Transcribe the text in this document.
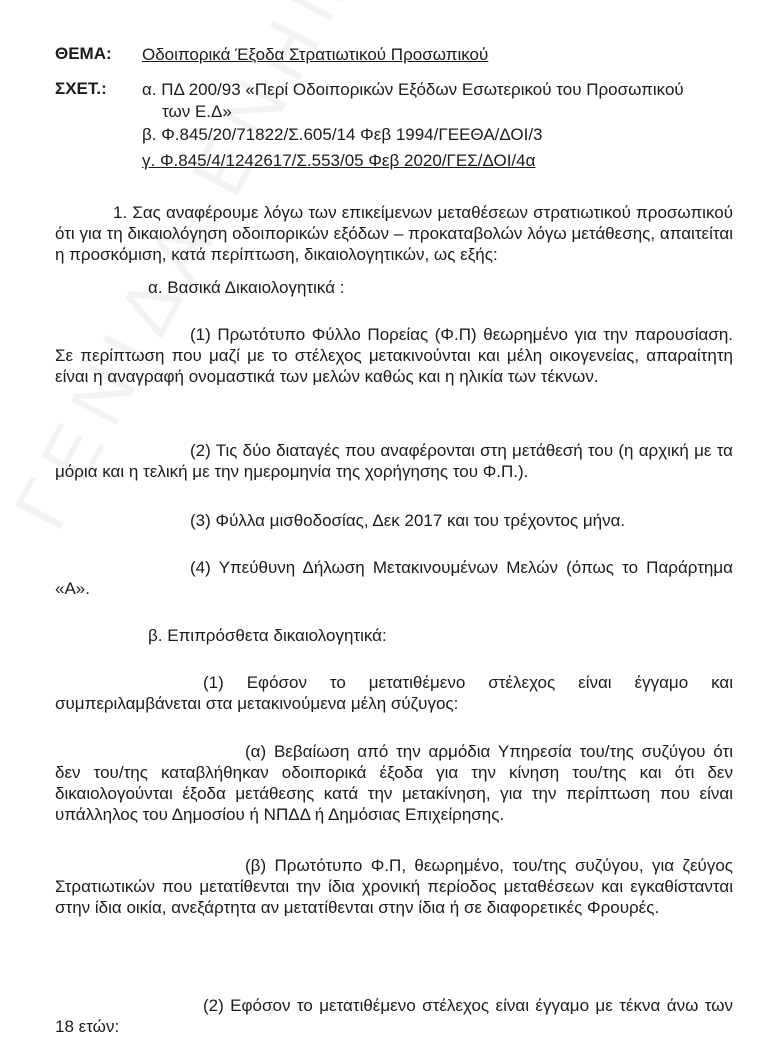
ΘΕΜΑ: Οδοιπορικά Έξοδα Στρατιωτικού Προσωπικού
ΣΧΕΤ.: α. ΠΔ 200/93 «Περί Οδοιπορικών Εξόδων Εσωτερικού του Προσωπικού
των Ε.Δ»
β. Φ.845/20/71822/Σ.605/14 Φεβ 1994/ΓΕΕΘΑ/ΔΟΙ/3
γ. Φ.845/4/1242617/Σ.553/05 Φεβ 2020/ΓΕΣ/ΔΟΙ/4α
1. Σας αναφέρουμε λόγω των επικείμενων μεταθέσεων στρατιωτικού προσωπικού ότι για τη δικαιολόγηση οδοιπορικών εξόδων – προκαταβολών λόγω μετάθεσης, απαιτείται η προσκόμιση, κατά περίπτωση, δικαιολογητικών, ως εξής:
α. Βασικά Δικαιολογητικά :
(1) Πρωτότυπο Φύλλο Πορείας (Φ.Π) θεωρημένο για την παρουσίαση. Σε περίπτωση που μαζί με το στέλεχος μετακινούνται και μέλη οικογενείας, απαραίτητη είναι η αναγραφή ονομαστικά των μελών καθώς και η ηλικία των τέκνων.
(2) Τις δύο διαταγές που αναφέρονται στη μετάθεσή του (η αρχική με τα μόρια και η τελική με την ημερομηνία της χορήγησης του Φ.Π.).
(3) Φύλλα μισθοδοσίας, Δεκ 2017 και του τρέχοντος μήνα.
(4) Υπεύθυνη Δήλωση Μετακινουμένων Μελών (όπως το Παράρτημα «Α».
β. Επιπρόσθετα δικαιολογητικά:
(1) Εφόσον το μετατιθέμενο στέλεχος είναι έγγαμο και συμπεριλαμβάνεται στα μετακινούμενα μέλη σύζυγος:
(α) Βεβαίωση από την αρμόδια Υπηρεσία του/της συζύγου ότι δεν του/της καταβλήθηκαν οδοιπορικά έξοδα για την κίνηση του/της και ότι δεν δικαιολογούνται έξοδα μετάθεσης κατά την μετακίνηση, για την περίπτωση που είναι υπάλληλος του Δημοσίου ή ΝΠΔΔ ή Δημόσιας Επιχείρησης.
(β) Πρωτότυπο Φ.Π, θεωρημένο, του/της συζύγου, για ζεύγος Στρατιωτικών που μετατίθενται την ίδια χρονική περίοδος μεταθέσεων και εγκαθίστανται στην ίδια οικία, ανεξάρτητα αν μετατίθενται στην ίδια ή σε διαφορετικές Φρουρές.
(2) Εφόσον το μετατιθέμενο στέλεχος είναι έγγαμο με τέκνα άνω των 18 ετών:
